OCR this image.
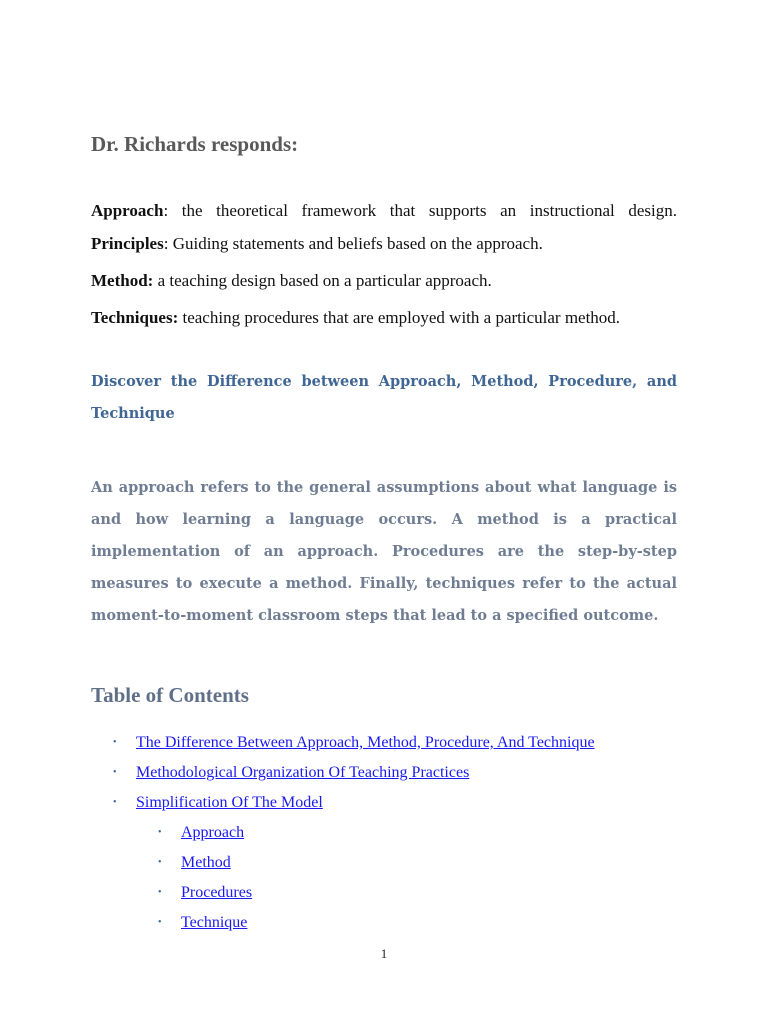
Dr. Richards responds:

Approach: the theoretical framework that supports an instructional design.

Principles: Guiding statements and beliefs based on the approach.

Method: a teaching design based on a particular approach.

Techniques: teaching procedures that are employed with a particular method.

Discover the Difference between Approach, Method, Procedure, and Technique
An approach refers to the general assumptions about what language is and how learning a language occurs. A method is a practical implementation of an approach. Procedures are the step-by-step measures to execute a method. Finally, techniques refer to the actual moment-to-moment classroom steps that lead to a specified outcome.
Table of Contents
•	The Difference Between Approach, Method, Procedure, And Technique
•	Methodological Organization Of Teaching Practices
•	Simplification Of The Model
•	Approach
•	Method
•	Procedures
•	Technique
1
